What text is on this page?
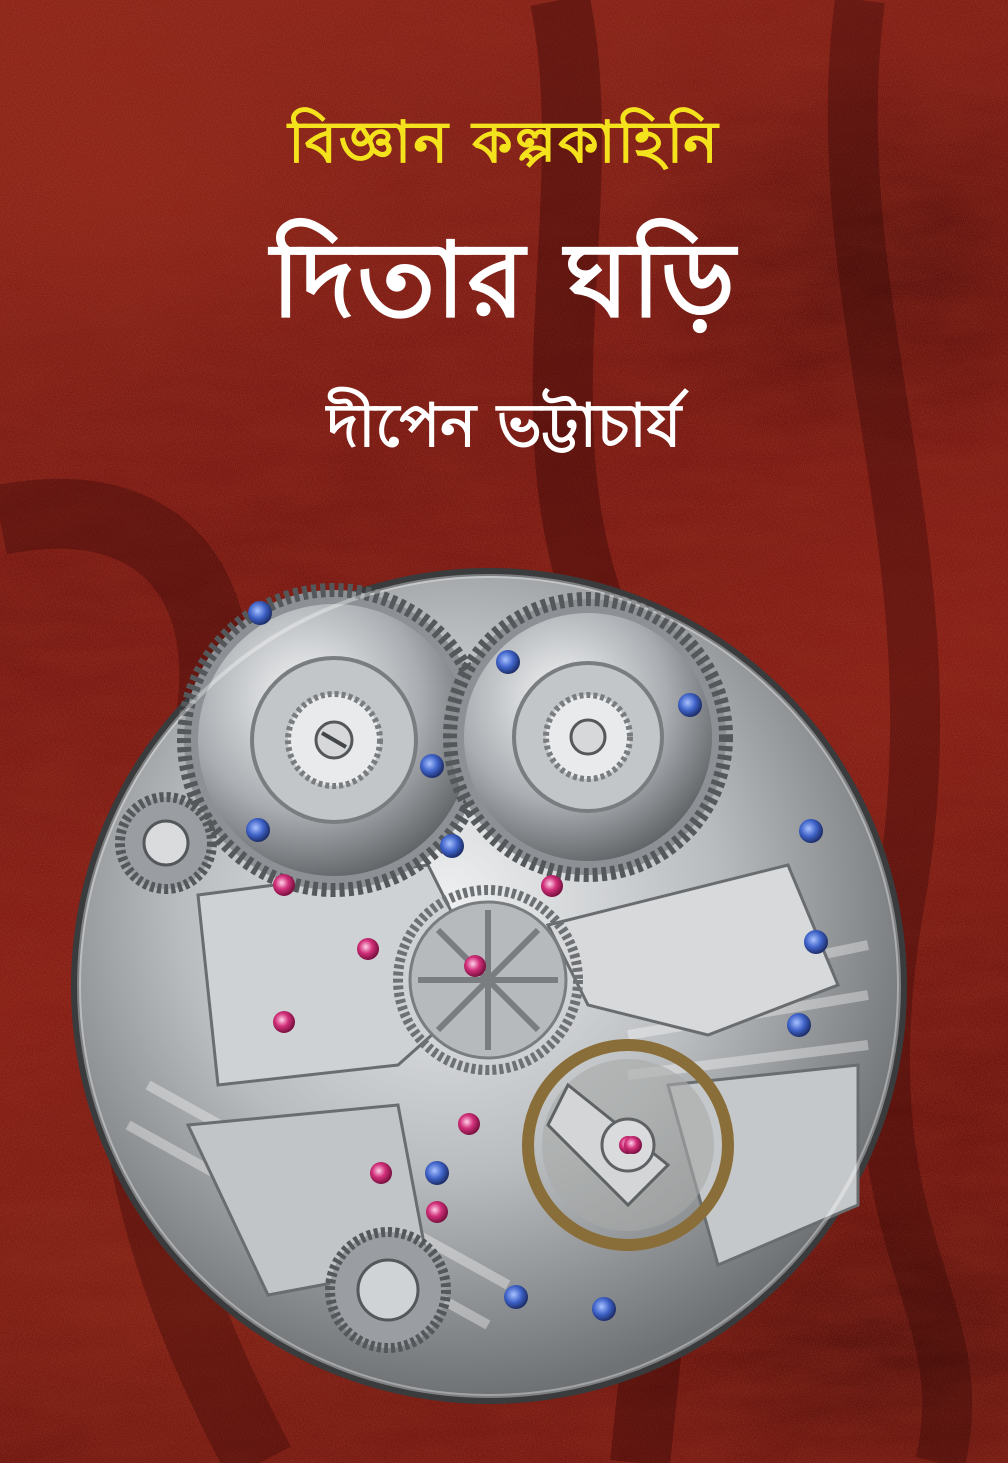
বিজ্ঞান কল্পকাহিনি
দিতার ঘড়ি
দীপেন ভট্টাচার্য
